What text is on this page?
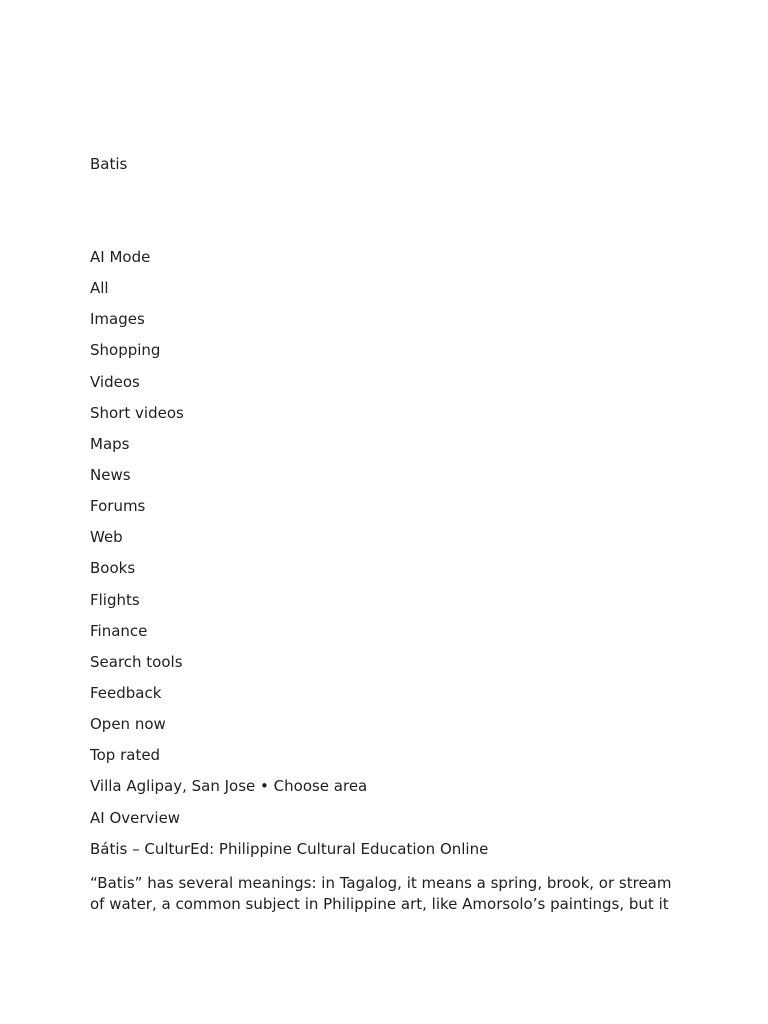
Batis
AI Mode
All
Images
Shopping
Videos
Short videos
Maps
News
Forums
Web
Books
Flights
Finance
Search tools
Feedback
Open now
Top rated
Villa Aglipay, San Jose • Choose area
AI Overview
Bátis – CulturEd: Philippine Cultural Education Online
“Batis” has several meanings: in Tagalog, it means a spring, brook, or stream of water, a common subject in Philippine art, like Amorsolo’s paintings, but it
